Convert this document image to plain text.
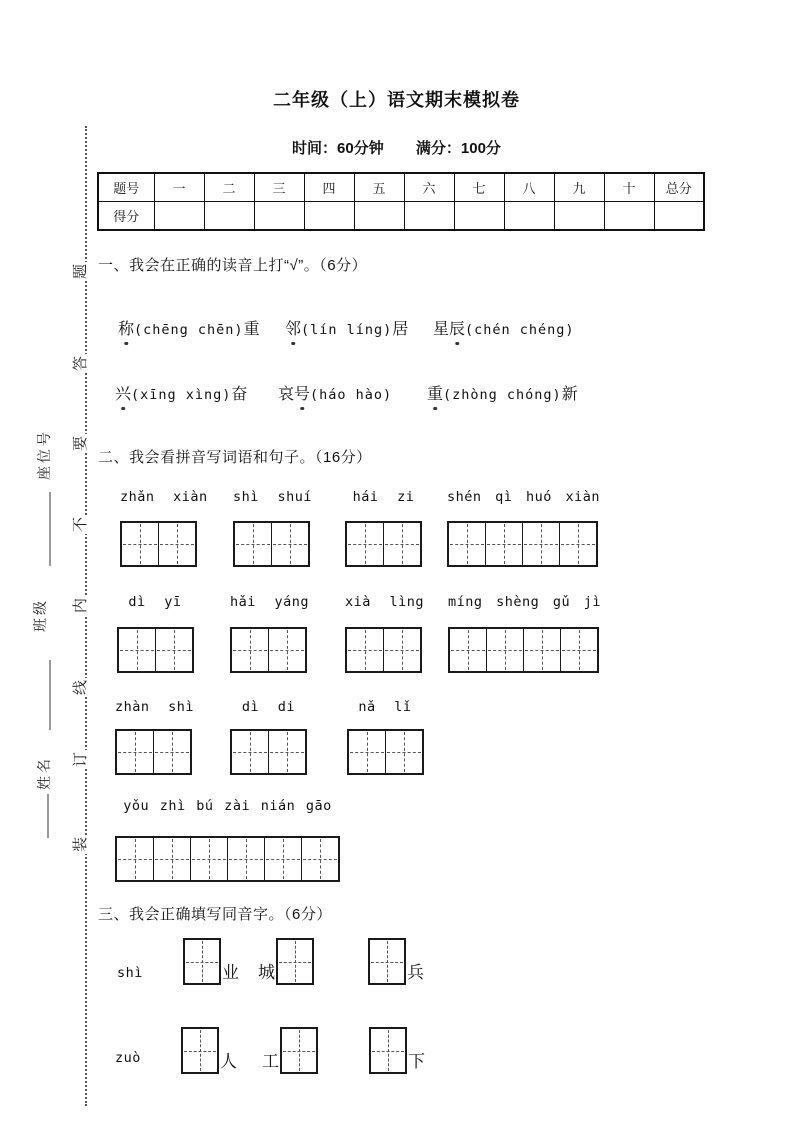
题
答
要
不
内
线
订
装
座位号
班级
姓名
二年级（上）语文期末模拟卷
时间：60分钟 满分：100分
题号	一	二	三	四	五	六	七	八	九	十	总分
得分											
一、我会在正确的读音上打“√”。（6分）
称(chēng chēn)重 邻(lín líng)居 星辰(chén chéng)
兴(xīng xìng)奋 哀号(háo hào) 重(zhòng chóng)新
二、我会看拼音写词语和句子。（16分）
zhǎn xiàn shì shuí	hái zi	shén qì huó xiàn
dì yī	hǎi yáng	xià lìng míng shèng gǔ jì
zhàn shì	dì di	nǎ lǐ
yǒu zhì bú zài nián gāo
三、我会正确填写同音字。（6分）
shì	业 城	兵
zuò	人 工	下
